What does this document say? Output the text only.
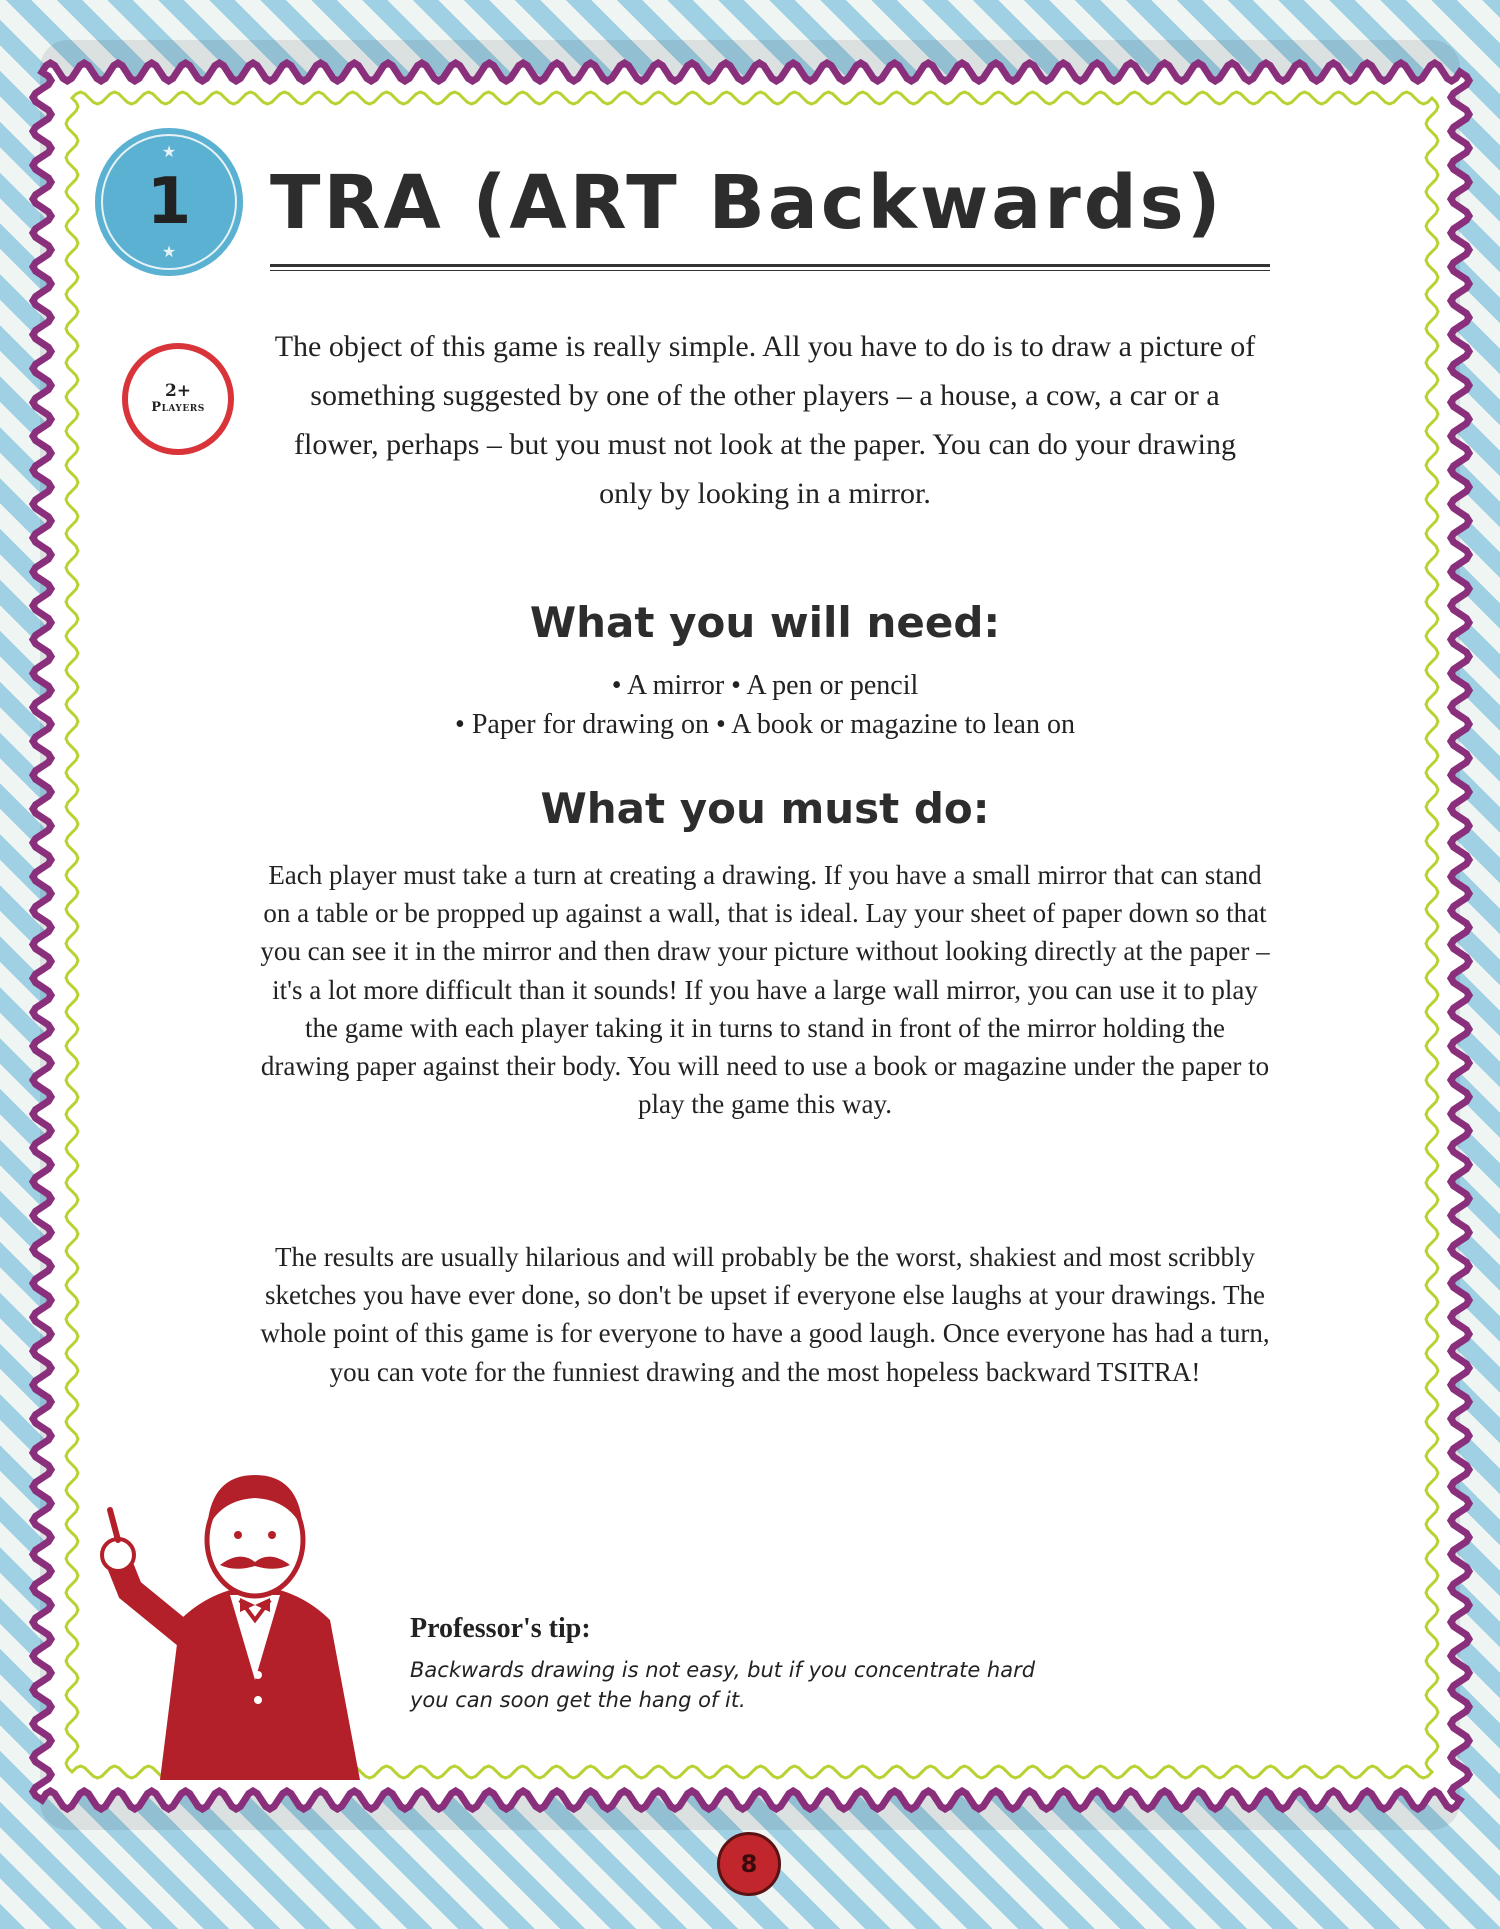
★
1
★
2+
Players
TRA (ART Backwards)

The object of this game is really simple. All you have to do is to draw a picture of something suggested by one of the other players – a house, a cow, a car or a flower, perhaps – but you must not look at the paper. You can do your drawing only by looking in a mirror.

What you will need:

• A mirror • A pen or pencil

• Paper for drawing on • A book or magazine to lean on

What you must do:

Each player must take a turn at creating a drawing. If you have a small mirror that can stand on a table or be propped up against a wall, that is ideal. Lay your sheet of paper down so that you can see it in the mirror and then draw your picture without looking directly at the paper – it's a lot more difficult than it sounds! If you have a large wall mirror, you can use it to play the game with each player taking it in turns to stand in front of the mirror holding the drawing paper against their body. You will need to use a book or magazine under the paper to play the game this way.

The results are usually hilarious and will probably be the worst, shakiest and most scribbly sketches you have ever done, so don't be upset if everyone else laughs at your drawings. The whole point of this game is for everyone to have a good laugh. Once everyone has had a turn, you can vote for the funniest drawing and the most hopeless backward TSITRA!

Professor's tip:

Backwards drawing is not easy, but if you concentrate hard you can soon get the hang of it.

8
